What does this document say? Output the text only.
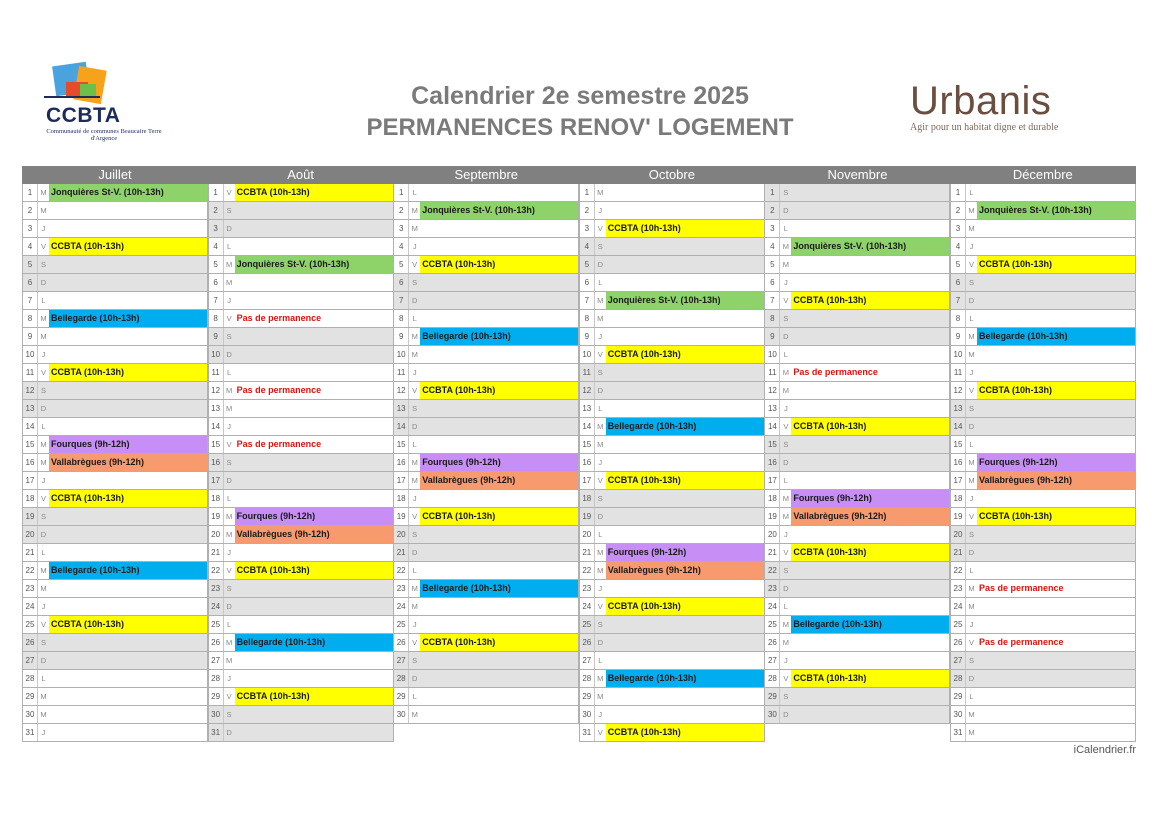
CCBTA
Communauté de communes Beaucaire Terre d'Argence
Calendrier 2e semestre 2025
PERMANENCES RENOV' LOGEMENT
Urbanis
Agir pour un habitat digne et durable
Juillet
1	M Jonquières St-V. (10h-13h)
2	M
3	J
4	V CCBTA (10h-13h)
5	S
6	D
7	L
8	M Bellegarde (10h-13h)
9	M
10 J
11 V CCBTA (10h-13h)
12 S
13 D
14 L
15 M Fourques (9h-12h)
16 M Vallabrègues (9h-12h)
17 J
18 V CCBTA (10h-13h)
19 S
20 D
21 L
22 M Bellegarde (10h-13h)
23 M
24 J
25 V CCBTA (10h-13h)
26 S
27 D
28 L
29 M
30 M
31 J
Août
1	V CCBTA (10h-13h)
2	S
3	D
4	L
5	M Jonquières St-V. (10h-13h)
6	M
7	J
8	V Pas de permanence
9	S
10 D
11 L
12 M Pas de permanence
13 M
14 J
15 V Pas de permanence
16 S
17 D
18 L
19 M Fourques (9h-12h)
20 M Vallabrègues (9h-12h)
21 J
22 V CCBTA (10h-13h)
23 S
24 D
25 L
26 M Bellegarde (10h-13h)
27 M
28 J
29 V CCBTA (10h-13h)
30 S
31 D
Septembre
1	L
2	M Jonquières St-V. (10h-13h)
3	M
4	J
5	V CCBTA (10h-13h)
6	S
7	D
8	L
9	M Bellegarde (10h-13h)
10 M
11 J
12 V CCBTA (10h-13h)
13 S
14 D
15 L
16 M Fourques (9h-12h)
17 M Vallabrègues (9h-12h)
18 J
19 V CCBTA (10h-13h)
20 S
21 D
22 L
23 M Bellegarde (10h-13h)
24 M
25 J
26 V CCBTA (10h-13h)
27 S
28 D
29 L
30 M
Octobre
1	M
2	J
3	V CCBTA (10h-13h)
4	S
5	D
6	L
7	M Jonquières St-V. (10h-13h)
8	M
9	J
10 V CCBTA (10h-13h)
11 S
12 D
13 L
14 M Bellegarde (10h-13h)
15 M
16 J
17 V CCBTA (10h-13h)
18 S
19 D
20 L
21 M Fourques (9h-12h)
22 M Vallabrègues (9h-12h)
23 J
24 V CCBTA (10h-13h)
25 S
26 D
27 L
28 M Bellegarde (10h-13h)
29 M
30 J
31 V CCBTA (10h-13h)
Novembre
1	S
2	D
3	L
4	M Jonquières St-V. (10h-13h)
5	M
6	J
7	V CCBTA (10h-13h)
8	S
9	D
10 L
11 M Pas de permanence
12 M
13 J
14 V CCBTA (10h-13h)
15 S
16 D
17 L
18 M Fourques (9h-12h)
19 M Vallabrègues (9h-12h)
20 J
21 V CCBTA (10h-13h)
22 S
23 D
24 L
25 M Bellegarde (10h-13h)
26 M
27 J
28 V CCBTA (10h-13h)
29 S
30 D
Décembre
1	L
2	M Jonquières St-V. (10h-13h)
3	M
4	J
5	V CCBTA (10h-13h)
6	S
7	D
8	L
9	M Bellegarde (10h-13h)
10 M
11 J
12 V CCBTA (10h-13h)
13 S
14 D
15 L
16 M Fourques (9h-12h)
17 M Vallabrègues (9h-12h)
18 J
19 V CCBTA (10h-13h)
20 S
21 D
22 L
23 M Pas de permanence
24 M
25 J
26 V Pas de permanence
27 S
28 D
29 L
30 M
31 M
iCalendrier.fr
